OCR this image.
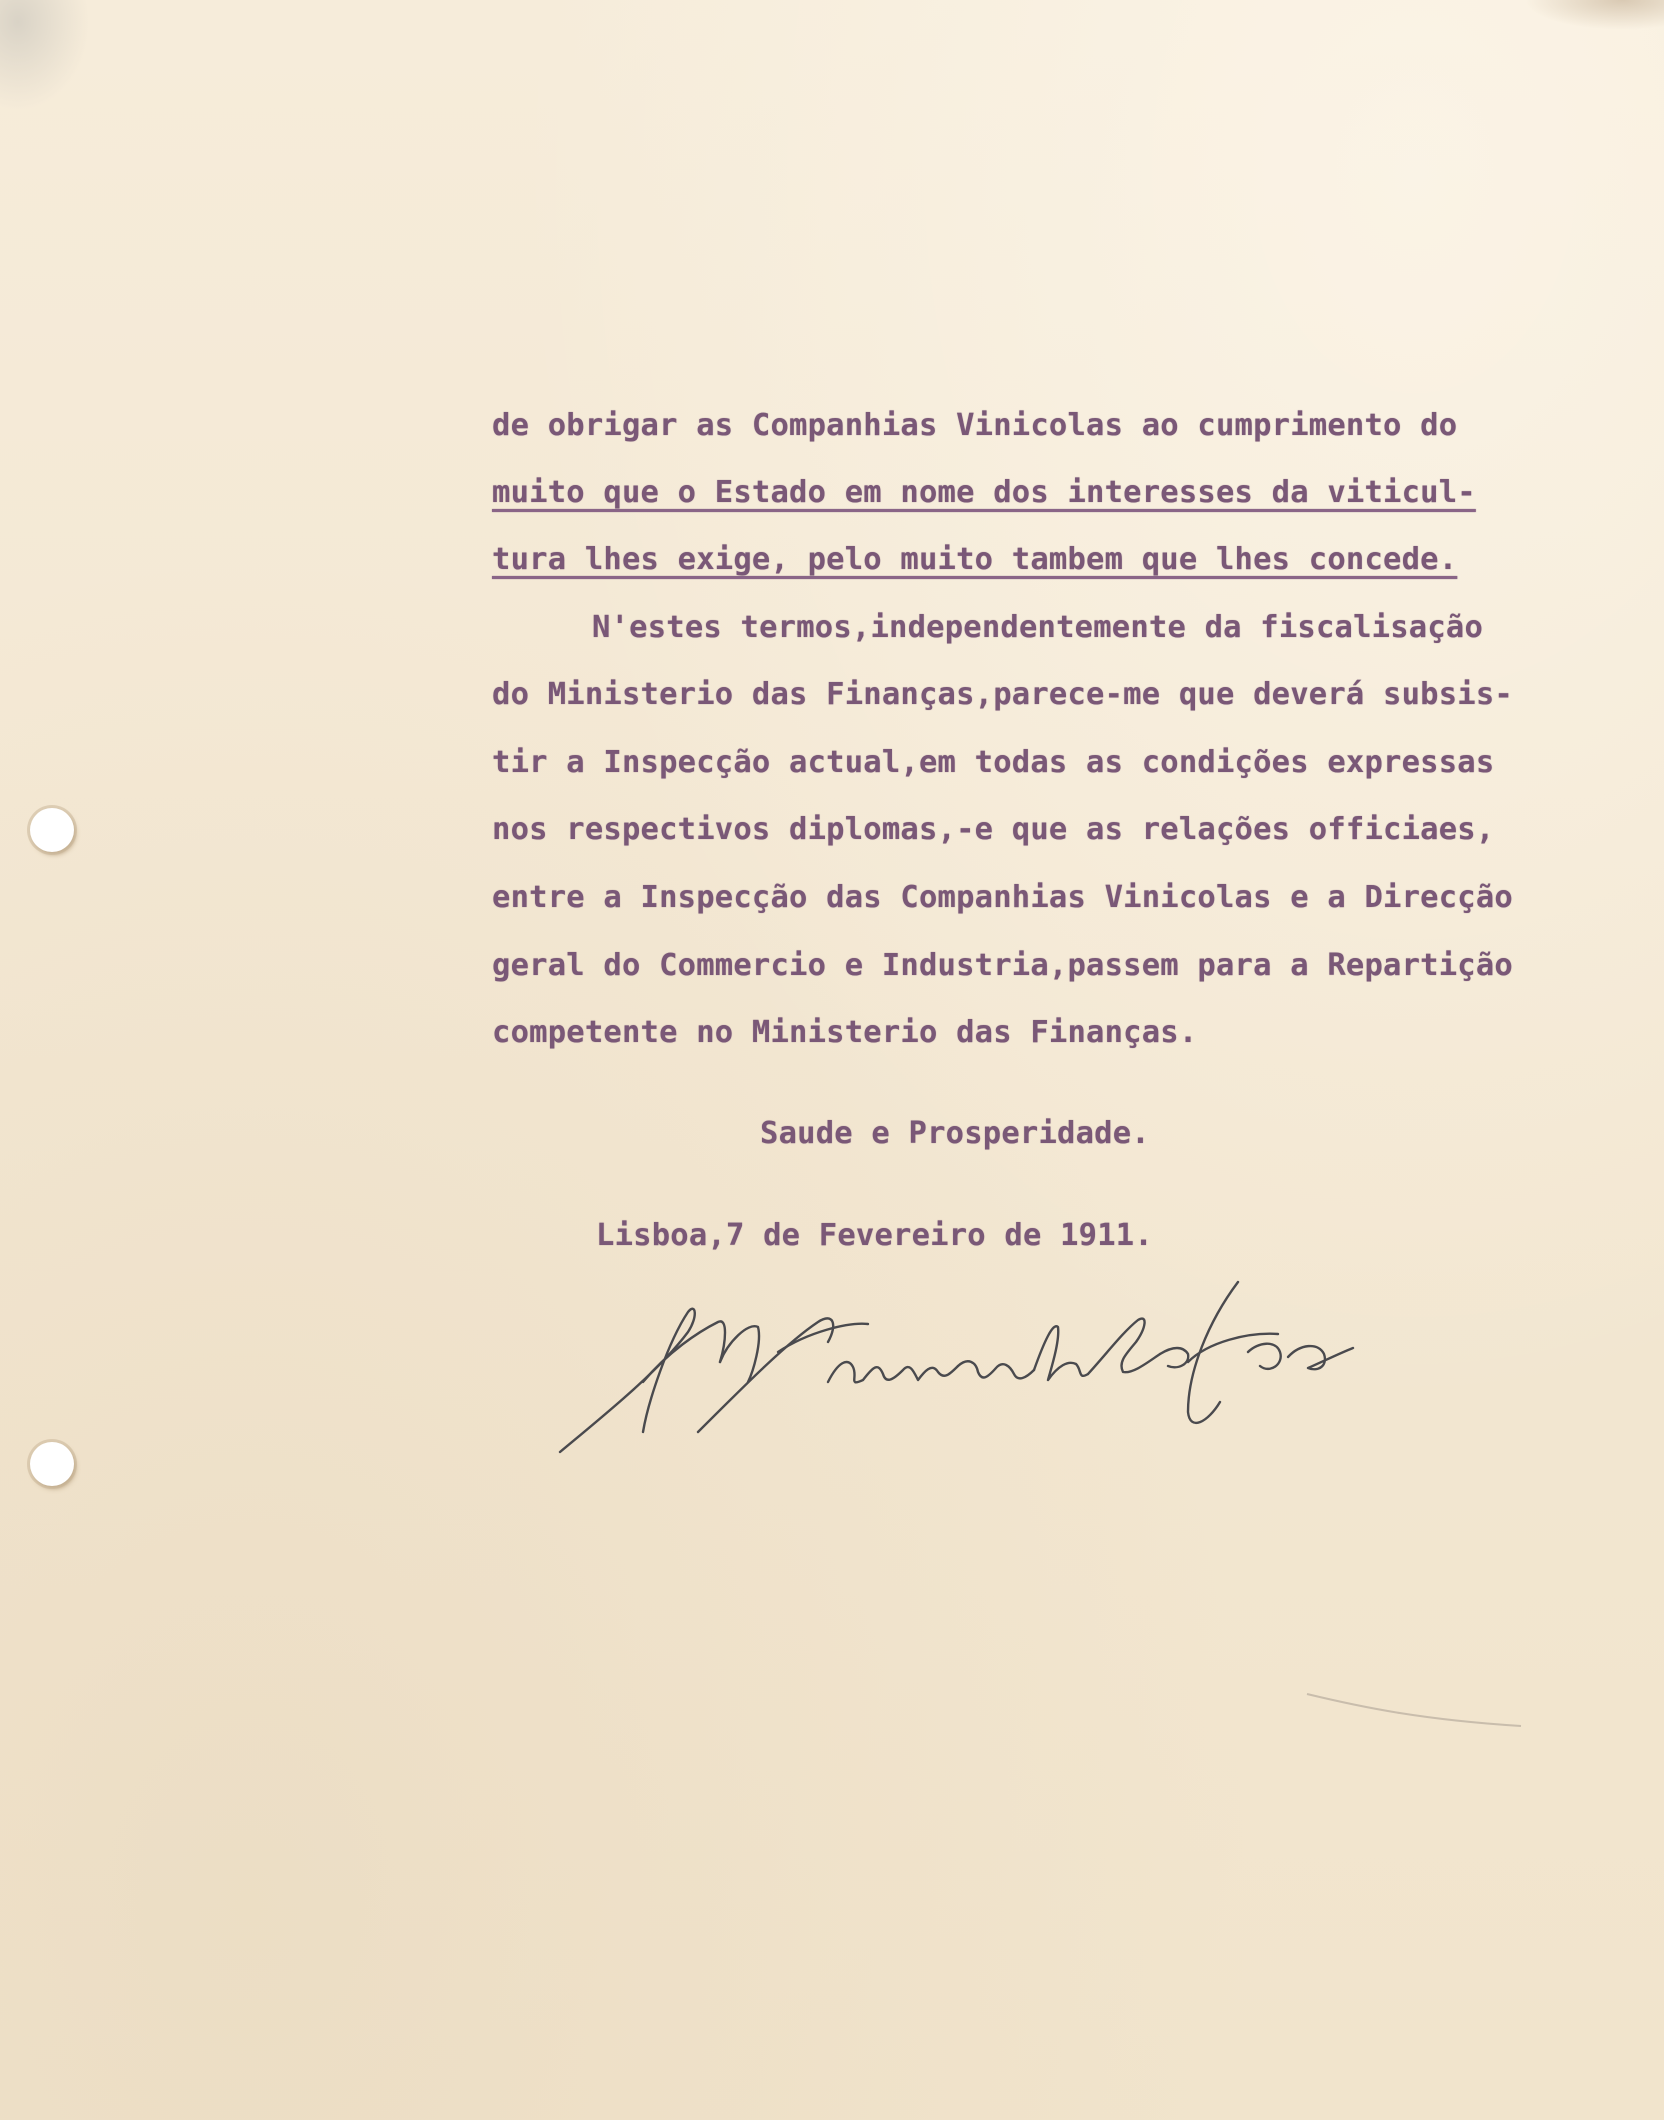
de obrigar as Companhias Vinicolas ao cumprimento do

muito que o Estado em nome dos interesses da viticul-

tura lhes exige, pelo muito tambem que lhes concede.

N'estes termos,independentemente da fiscalisação

do Ministerio das Finanças,parece-me que deverá subsis-

tir a Inspecção actual,em todas as condições expressas

nos respectivos diplomas,-e que as relações officiaes,

entre a Inspecção das Companhias Vinicolas e a Direcção

geral do Commercio e Industria,passem para a Repartição

competente no Ministerio das Finanças.

Saude e Prosperidade.

Lisboa,7 de Fevereiro de 1911.
